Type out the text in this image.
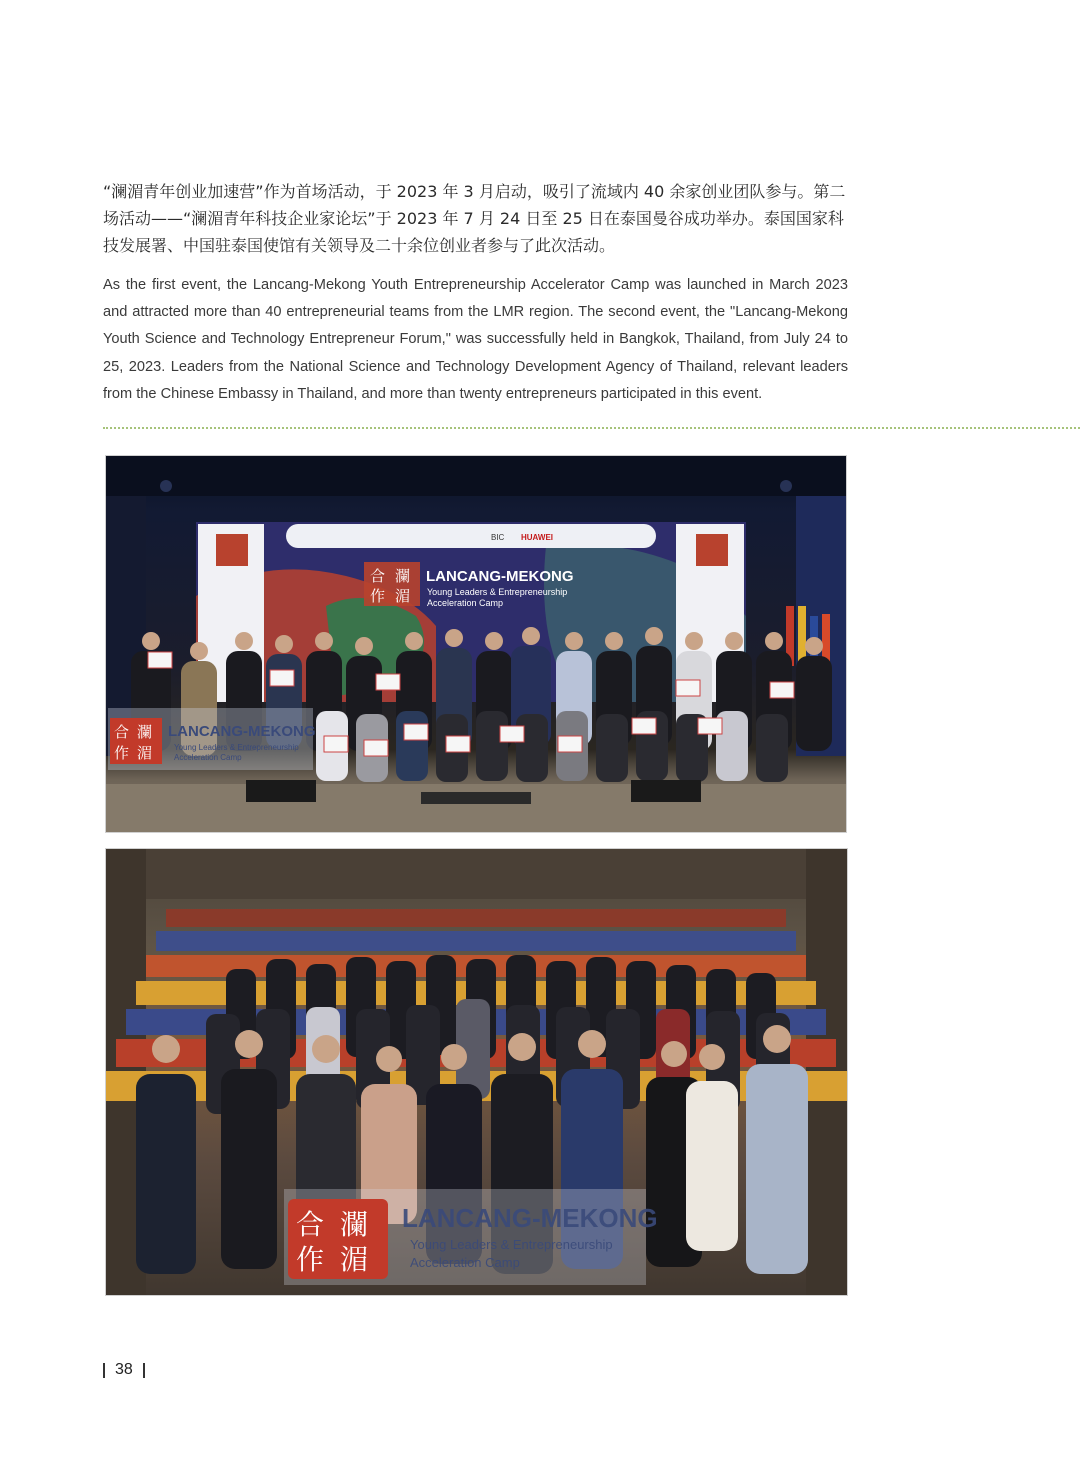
“澜湄青年创业加速营”作为首场活动，于 2023 年 3 月启动，吸引了流域内 40 余家创业团队参与。第二场活动——“澜湄青年科技企业家论坛”于 2023 年 7 月 24 日至 25 日在泰国曼谷成功举办。泰国国家科技发展署、中国驻泰国使馆有关领导及二十余位创业者参与了此次活动。

As the first event, the Lancang-Mekong Youth Entrepreneurship Accelerator Camp was launched in March 2023 and attracted more than 40 entrepreneurial teams from the LMR region. The second event, the "Lancang-Mekong Youth Science and Technology Entrepreneur Forum," was successfully held in Bangkok, Thailand, from July 24 to 25, 2023. Leaders from the National Science and Technology Development Agency of Thailand, relevant leaders from the Chinese Embassy in Thailand, and more than twenty entrepreneurs participated in this event.

BIC HUAWEI
合 瀾
作 湄
LANCANG-MEKONG
Young Leaders & Entrepreneurship
Acceleration Camp
合 瀾
作 湄
LANCANG-MEKONG
Young Leaders & Entrepreneurship
Acceleration Camp
合 瀾
作 湄
LANCANG-MEKONG
Young Leaders & Entrepreneurship
Acceleration Camp
38
